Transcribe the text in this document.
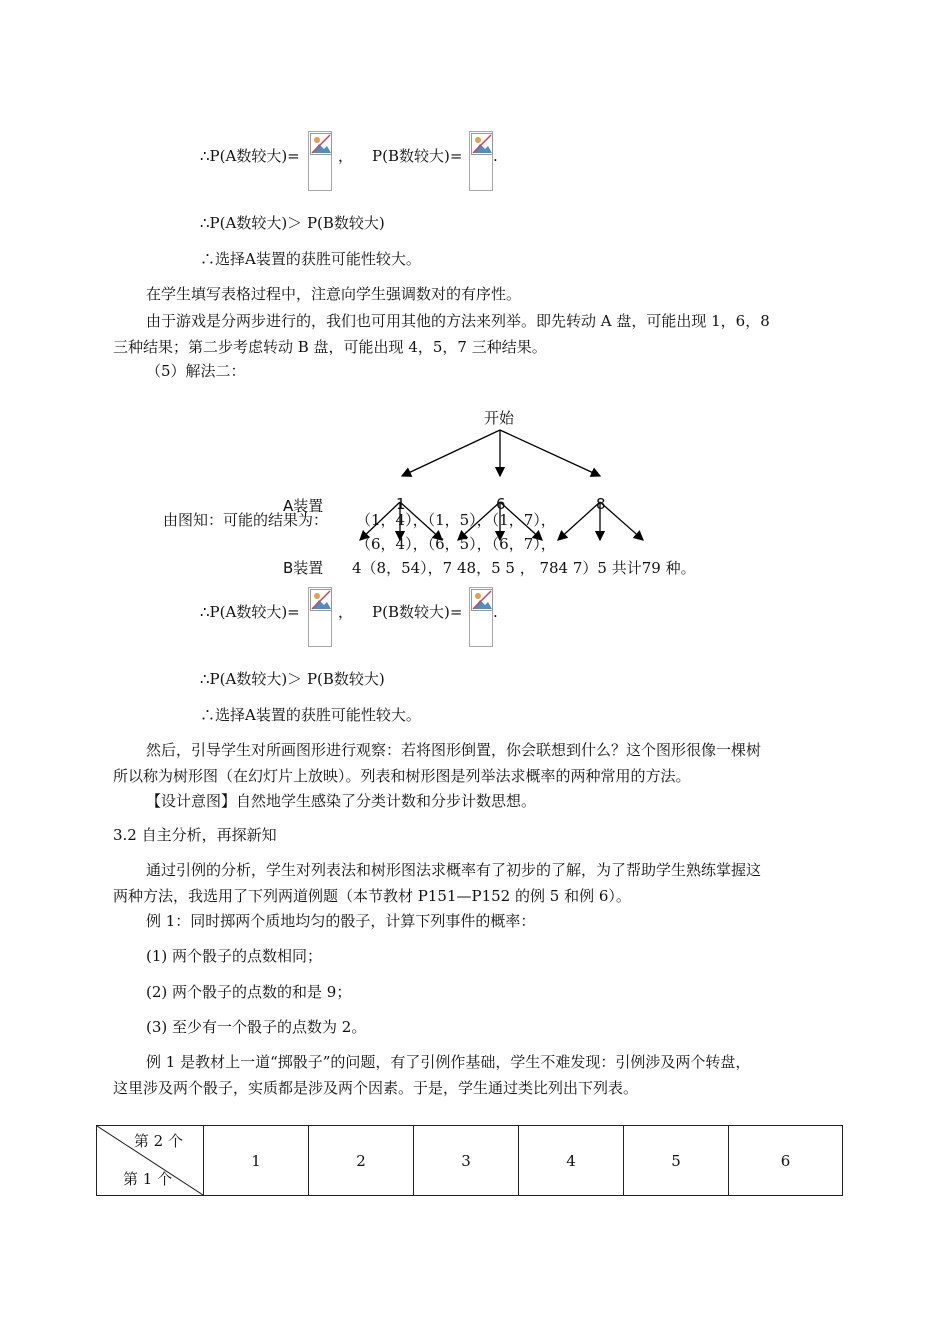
∴P(A数较大)=	， P(B数较大)= .
∴P(A数较大)＞ P(B数较大)
∴选择A装置的获胜可能性较大。
在学生填写表格过程中，注意向学生强调数对的有序性。
由于游戏是分两步进行的，我们也可用其他的方法来列举。即先转动 A 盘，可能出现 1，6，8
三种结果；第二步考虑转动 B 盘，可能出现 4，5，7 三种结果。
（5）解法二：
开始
A装置	1	6	8
由图知：可能的结果为： （1，4），（1，5），（1，7），
（6，4），（6，5），（6，7），
B装置 4（8，54），7 48，5 5 ， 784 7）5 共计79 种。
∴P(A数较大)=	， P(B数较大)= .
∴P(A数较大)＞ P(B数较大)
∴选择A装置的获胜可能性较大。
然后，引导学生对所画图形进行观察：若将图形倒置，你会联想到什么？这个图形很像一棵树
所以称为树形图（在幻灯片上放映）。列表和树形图是列举法求概率的两种常用的方法。
【设计意图】自然地学生感染了分类计数和分步计数思想。
3.2 自主分析，再探新知
通过引例的分析，学生对列表法和树形图法求概率有了初步的了解，为了帮助学生熟练掌握这
两种方法，我选用了下列两道例题（本节教材 P151—P152 的例 5 和例 6）。
例 1：同时掷两个质地均匀的骰子，计算下列事件的概率：
(1) 两个骰子的点数相同；
(2) 两个骰子的点数的和是 9；
(3) 至少有一个骰子的点数为 2。
例 1 是教材上一道“掷骰子”的问题，有了引例作基础，学生不难发现：引例涉及两个转盘，
这里涉及两个骰子，实质都是涉及两个因素。于是，学生通过类比列出下列表。
第 2 个
第 1 个
	1	2	3	4	5	6
